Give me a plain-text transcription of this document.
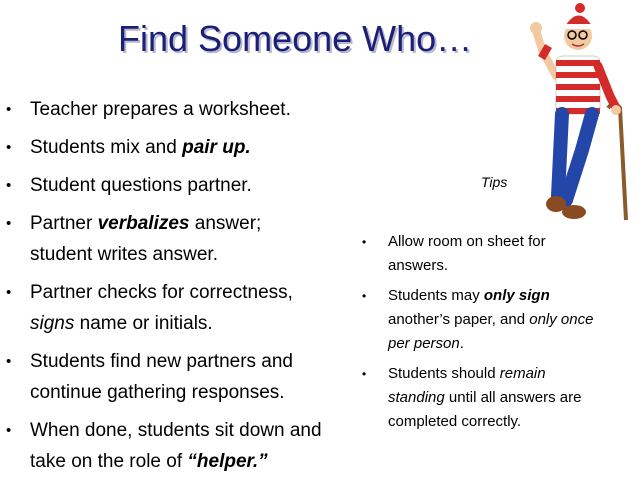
Find Someone Who…
• Teacher prepares a worksheet.
• Students mix and pair up.
• Student questions partner.
• Partner verbalizes answer;
student writes answer.
• Partner checks for correctness,
signs name or initials.
• Students find new partners and
continue gathering responses.
• When done, students sit down and
take on the role of “helper.”
Tips
• Allow room on sheet for
answers.
• Students may only sign
another’s paper, and only once
per person.
• Students should remain
standing until all answers are
completed correctly.
